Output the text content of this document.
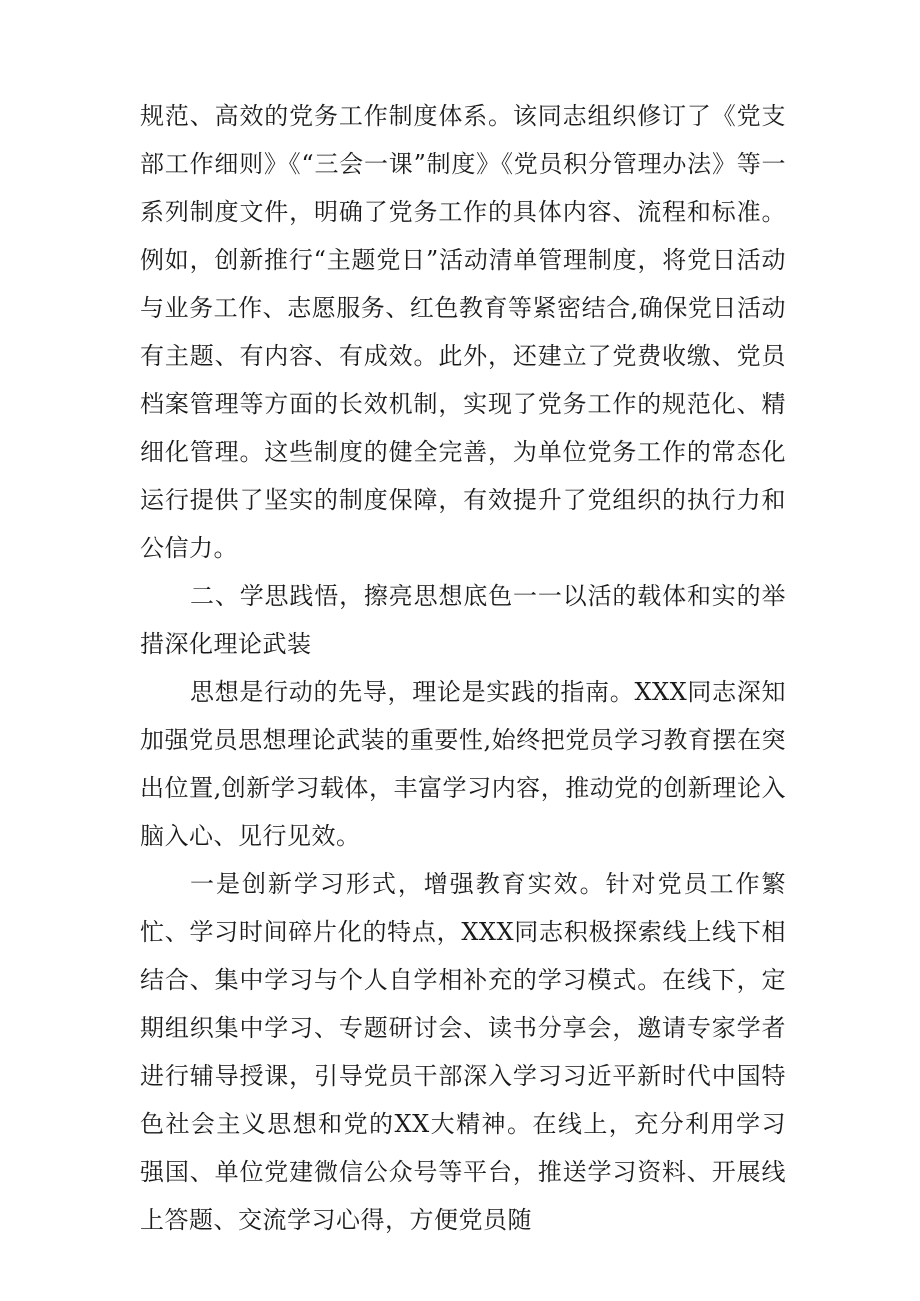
规范、高效的党务工作制度体系。该同志组织修订了《党支部工作细则》《“三会一课”制度》《党员积分管理办法》等一系列制度文件，明确了党务工作的具体内容、流程和标准。例如，创新推行“主题党日”活动清单管理制度，将党日活动与业务工作、志愿服务、红色教育等紧密结合,确保党日活动有主题、有内容、有成效。此外，还建立了党费收缴、党员档案管理等方面的长效机制，实现了党务工作的规范化、精细化管理。这些制度的健全完善，为单位党务工作的常态化运行提供了坚实的制度保障，有效提升了党组织的执行力和公信力。

二、学思践悟，擦亮思想底色一一以活的载体和实的举措深化理论武装

思想是行动的先导，理论是实践的指南。XXX同志深知加强党员思想理论武装的重要性,始终把党员学习教育摆在突出位置,创新学习载体，丰富学习内容，推动党的创新理论入脑入心、见行见效。

一是创新学习形式，增强教育实效。针对党员工作繁忙、学习时间碎片化的特点，XXX同志积极探索线上线下相结合、集中学习与个人自学相补充的学习模式。在线下，定期组织集中学习、专题研讨会、读书分享会，邀请专家学者进行辅导授课，引导党员干部深入学习习近平新时代中国特色社会主义思想和党的XX大精神。在线上，充分利用学习强国、单位党建微信公众号等平台，推送学习资料、开展线上答题、交流学习心得，方便党员随
